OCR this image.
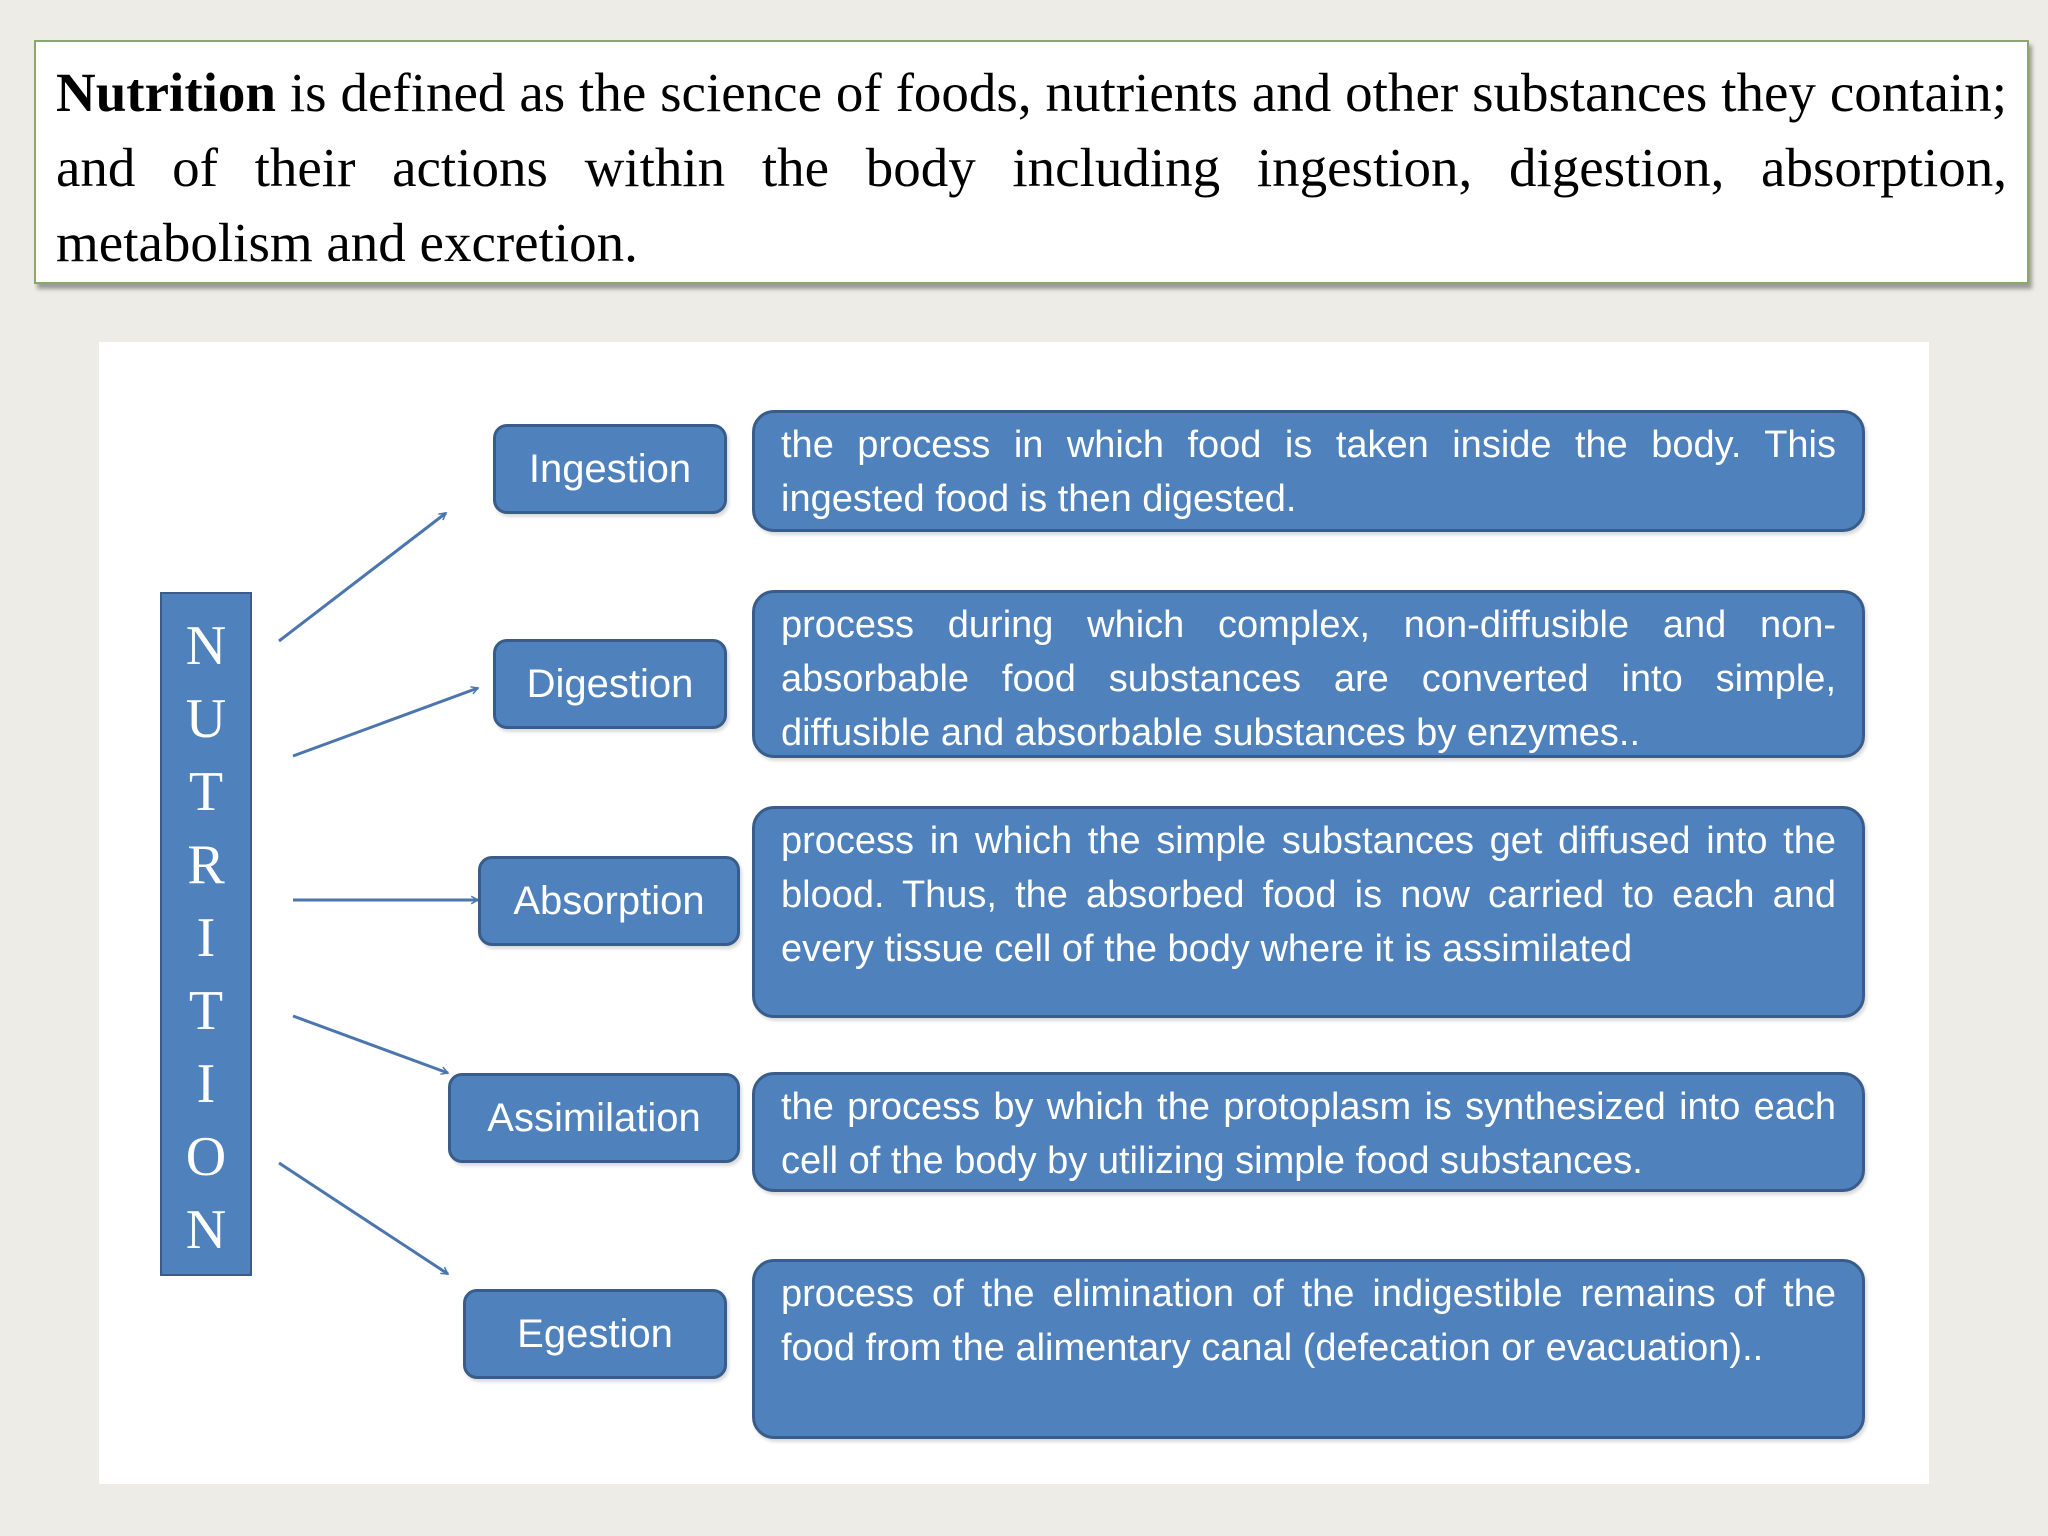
Nutrition is defined as the science of foods, nutrients and other substances they contain; and of their actions within the body including ingestion, digestion, absorption, metabolism and excretion.
N
U
T
R
I
T
I
O
N
Ingestion
the process in which food is taken inside the body. This ingested food is then digested.
Digestion
process during which complex, non-diffusible and non-absorbable food substances are converted into simple, diffusible and absorbable substances by enzymes..
Absorption
process in which the simple substances get diffused into the blood. Thus, the absorbed food is now carried to each and every tissue cell of the body where it is assimilated
Assimilation	the process by which the protoplasm is synthesized into each cell of the body by utilizing simple food substances.
Egestion
process of the elimination of the indigestible remains of the food from the alimentary canal (defecation or evacuation)..
